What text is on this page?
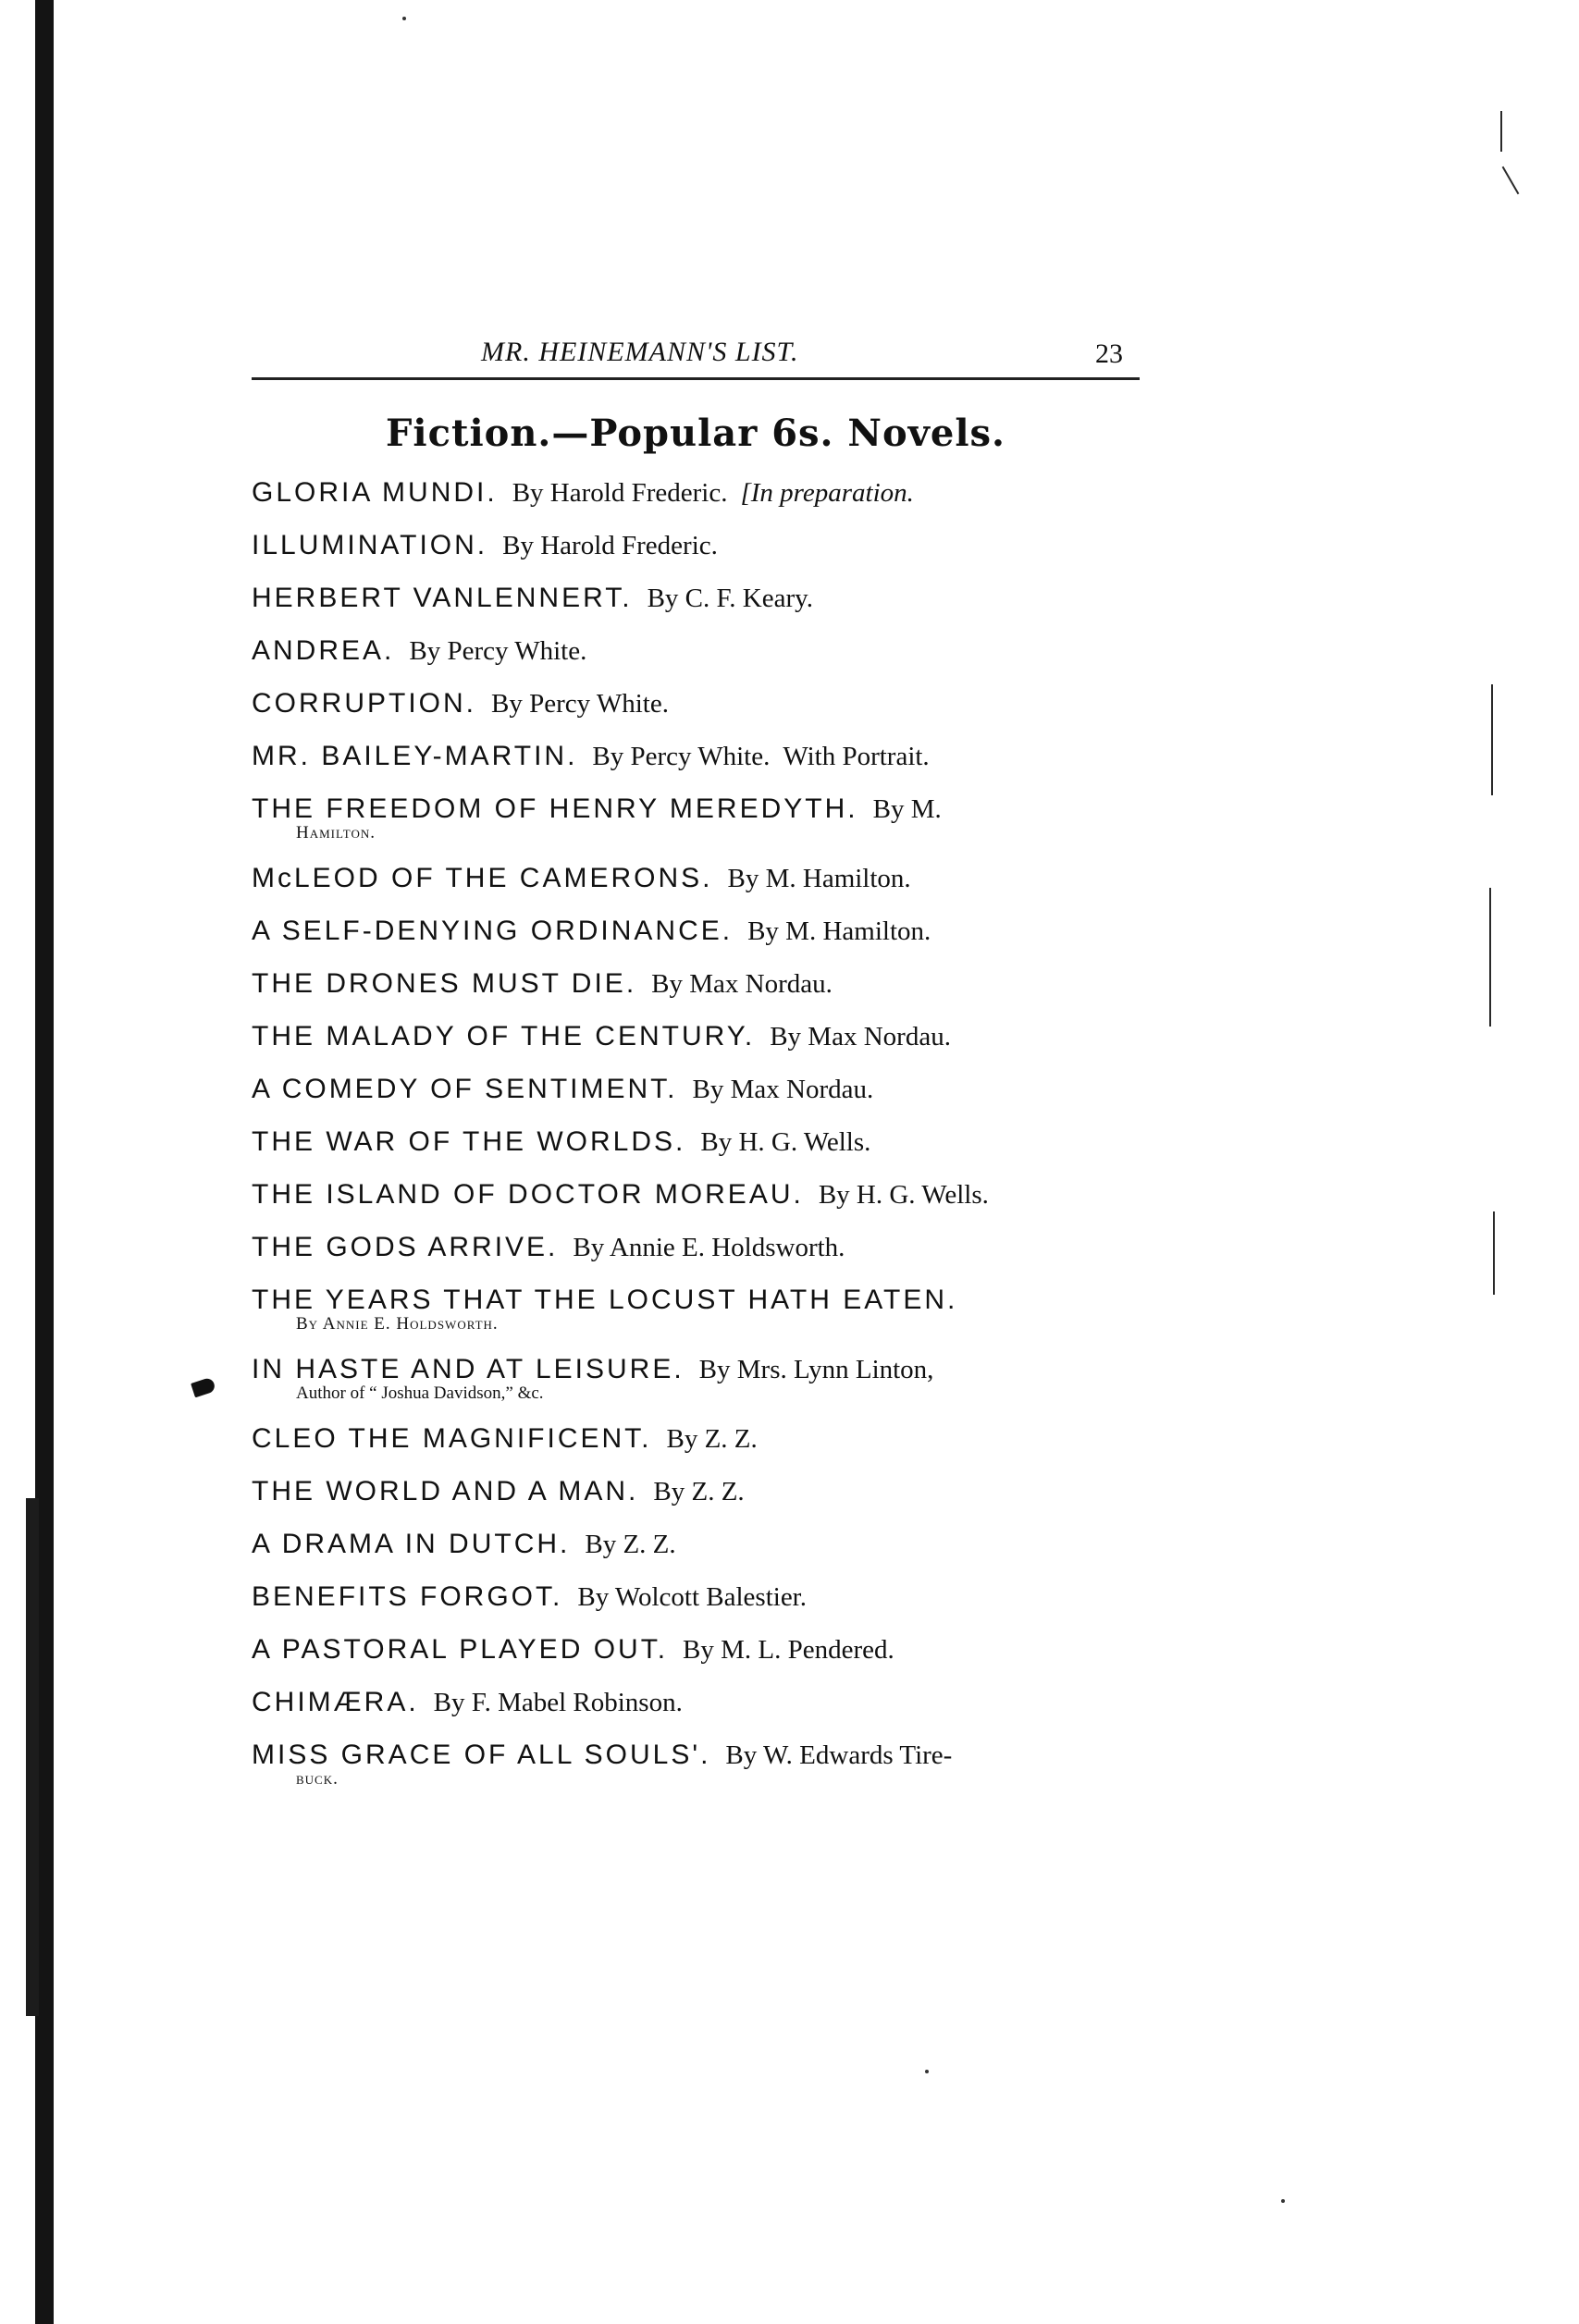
MR. HEINEMANN'S LIST.	23
Fiction.—Popular 6s. Novels.
GLORIA MUNDI. By Harold Frederic. [In preparation.
ILLUMINATION. By Harold Frederic.
HERBERT VANLENNERT. By C. F. Keary.
ANDREA. By Percy White.
CORRUPTION. By Percy White.
MR. BAILEY-MARTIN. By Percy White. With Portrait.
THE FREEDOM OF HENRY MEREDYTH. By M.
Hamilton.
McLEOD OF THE CAMERONS. By M. Hamilton.
A SELF-DENYING ORDINANCE. By M. Hamilton.
THE DRONES MUST DIE. By Max Nordau.
THE MALADY OF THE CENTURY. By Max Nordau.
A COMEDY OF SENTIMENT. By Max Nordau.
THE WAR OF THE WORLDS. By H. G. Wells.
THE ISLAND OF DOCTOR MOREAU. By H. G. Wells.
THE GODS ARRIVE. By Annie E. Holdsworth.
THE YEARS THAT THE LOCUST HATH EATEN.
By Annie E. Holdsworth.
IN HASTE AND AT LEISURE. By Mrs. Lynn Linton,
Author of “ Joshua Davidson,” &c.
CLEO THE MAGNIFICENT. By Z. Z.
THE WORLD AND A MAN. By Z. Z.
A DRAMA IN DUTCH. By Z. Z.
BENEFITS FORGOT. By Wolcott Balestier.
A PASTORAL PLAYED OUT. By M. L. Pendered.
CHIMÆRA. By F. Mabel Robinson.
MISS GRACE OF ALL SOULS'. By W. Edwards Tire-
buck.
